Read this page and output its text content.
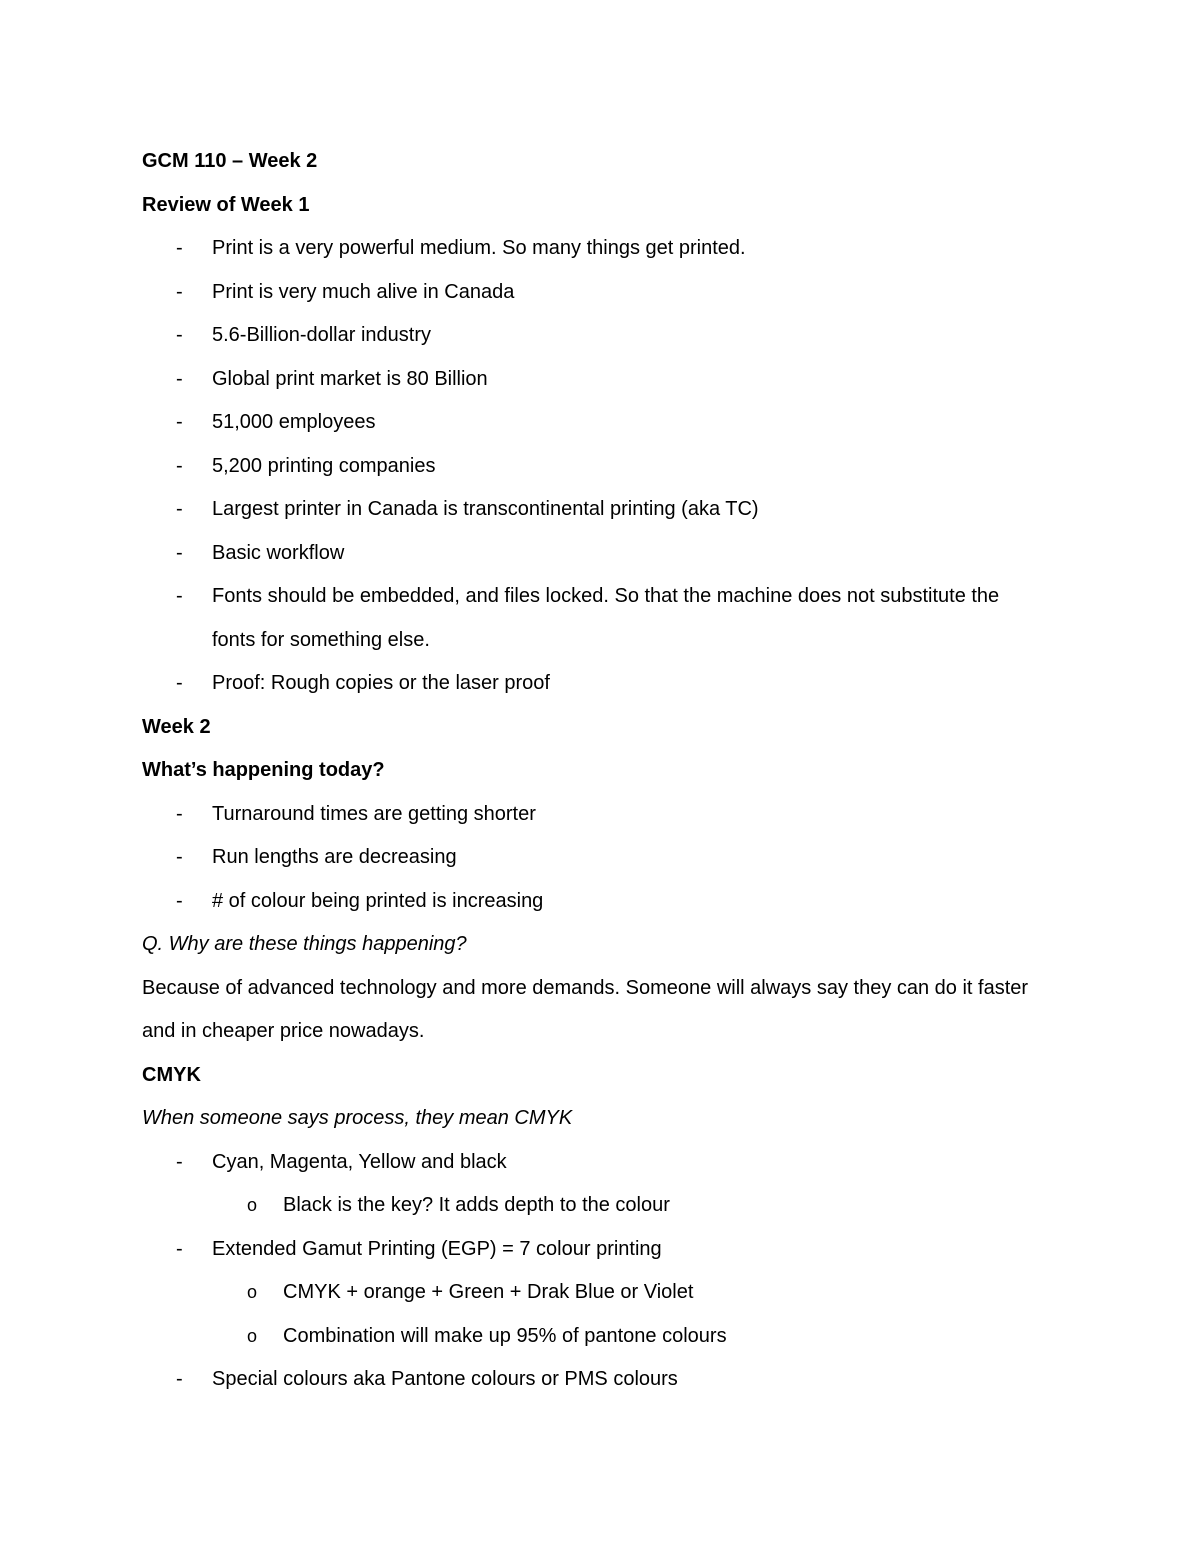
GCM 110 – Week 2

Review of Week 1

- Print is a very powerful medium. So many things get printed.
- Print is very much alive in Canada
- 5.6-Billion-dollar industry
- Global print market is 80 Billion
- 51,000 employees
- 5,200 printing companies
- Largest printer in Canada is transcontinental printing (aka TC)
- Basic workflow
- Fonts should be embedded, and files locked. So that the machine does not substitute the fonts for something else.
- Proof: Rough copies or the laser proof

Week 2

What’s happening today?

- Turnaround times are getting shorter
- Run lengths are decreasing
- # of colour being printed is increasing

Q. Why are these things happening?

Because of advanced technology and more demands. Someone will always say they can do it faster and in cheaper price nowadays.

CMYK

When someone says process, they mean CMYK

- Cyan, Magenta, Yellow and black
o Black is the key? It adds depth to the colour
- Extended Gamut Printing (EGP) = 7 colour printing
o CMYK + orange + Green + Drak Blue or Violet
o Combination will make up 95% of pantone colours
- Special colours aka Pantone colours or PMS colours
